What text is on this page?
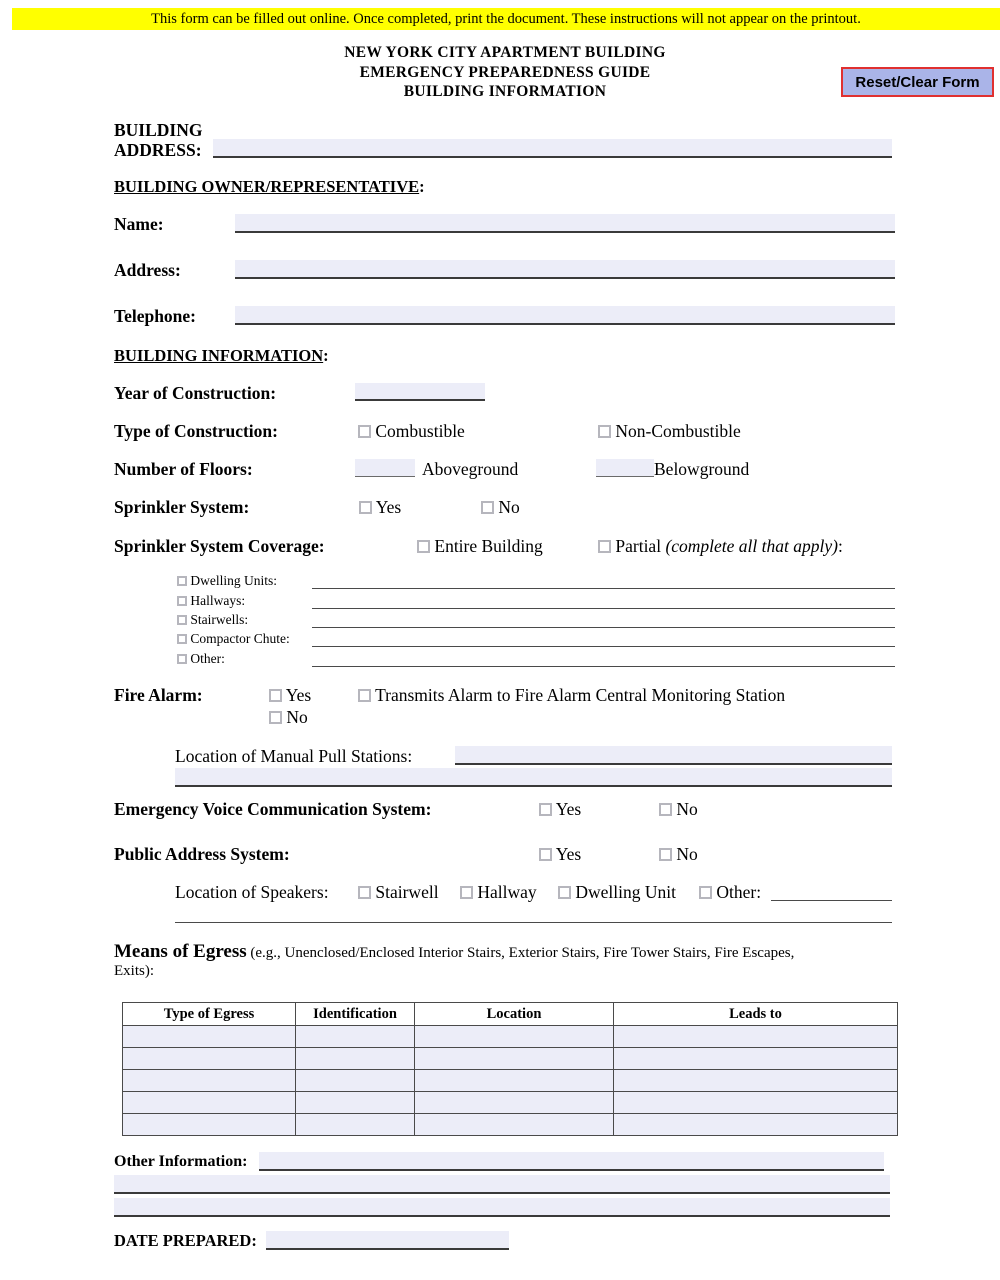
This form can be filled out online. Once completed, print the document. These instructions will not appear on the printout.
NEW YORK CITY APARTMENT BUILDING
EMERGENCY PREPAREDNESS GUIDE
BUILDING INFORMATION
Reset/Clear Form
BUILDING
ADDRESS:
BUILDING OWNER/REPRESENTATIVE:
Name:
Address:
Telephone:
BUILDING INFORMATION:
Year of Construction:
Type of Construction:	Combustible	Non-Combustible
Number of Floors:	Aboveground	Belowground
Sprinkler System:	Yes	No
Sprinkler System Coverage:	Entire Building	Partial (complete all that apply):
Dwelling Units:
Hallways:
Stairwells:
Compactor Chute:
Other:
Fire Alarm:	Yes
No
Transmits Alarm to Fire Alarm Central Monitoring Station
Location of Manual Pull Stations:
Emergency Voice Communication System:	Yes	No
Public Address System:	Yes	No
Location of Speakers:	Stairwell	Hallway	Dwelling Unit	Other:
Means of Egress (e.g., Unenclosed/Enclosed Interior Stairs, Exterior Stairs, Fire Tower Stairs, Fire Escapes,
Exits):
Type of Egress	Identification	Location	Leads to

Other Information:
DATE PREPARED:
